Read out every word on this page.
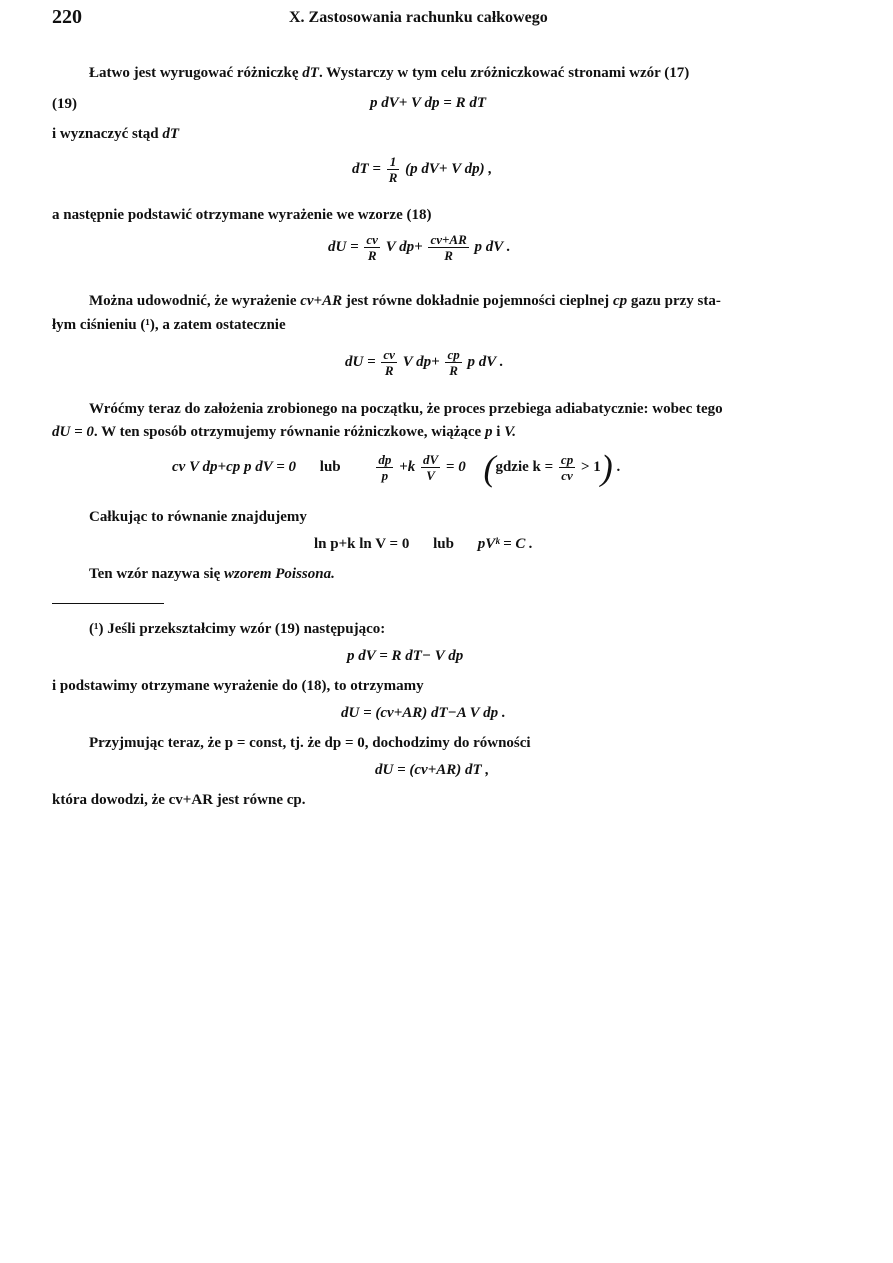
220	X. Zastosowania rachunku całkowego
Łatwo jest wyrugować różniczkę dT. Wystarczy w tym celu zróżniczkować stronami wzór (17)
(19)	p dV+ V dp = R dT
i wyznaczyć stąd dT
dT = $\frac{1}{R} (p$ dV+ V dp) ,
a następnie podstawić otrzymane wyrażenie we wzorze (18)
dU = $\frac{cv}{R}$ V $dp+ \frac{cv+AR}{R}$ p dV .
Można udowodnić, że wyrażenie cv+AR jest równe dokładnie pojemności cieplnej cp gazu przy sta-
łym ciśnieniu (¹), a zatem ostatecznie
dU = $\frac{cv}{R}$ V $dp+ \frac{cp}{R}$ p dV .
Wróćmy teraz do założenia zrobionego na początku, że proces przebiega adiabatycznie: wobec tego
dU = 0. W ten sposób otrzymujemy równanie różniczkowe, wiążące p i V.
cv V dp+cp p dV = 0 lub	$\frac{dp}{p} +k \frac{dV}{V} = 0$ (gdzie $k = \frac{cp}{cv} > 1$) .
Całkując to równanie znajdujemy
ln p+k ln V = 0 lub pVᵏ = C .
Ten wzór nazywa się wzorem Poissona.
(¹) Jeśli przekształcimy wzór (19) następująco:
p dV = R dT− V dp
i podstawimy otrzymane wyrażenie do (18), to otrzymamy
dU = (cv+AR) dT−A V dp .
Przyjmując teraz, że p = const, tj. że dp = 0, dochodzimy do równości
dU = (cv+AR) dT ,
która dowodzi, że cv+AR jest równe cp.
